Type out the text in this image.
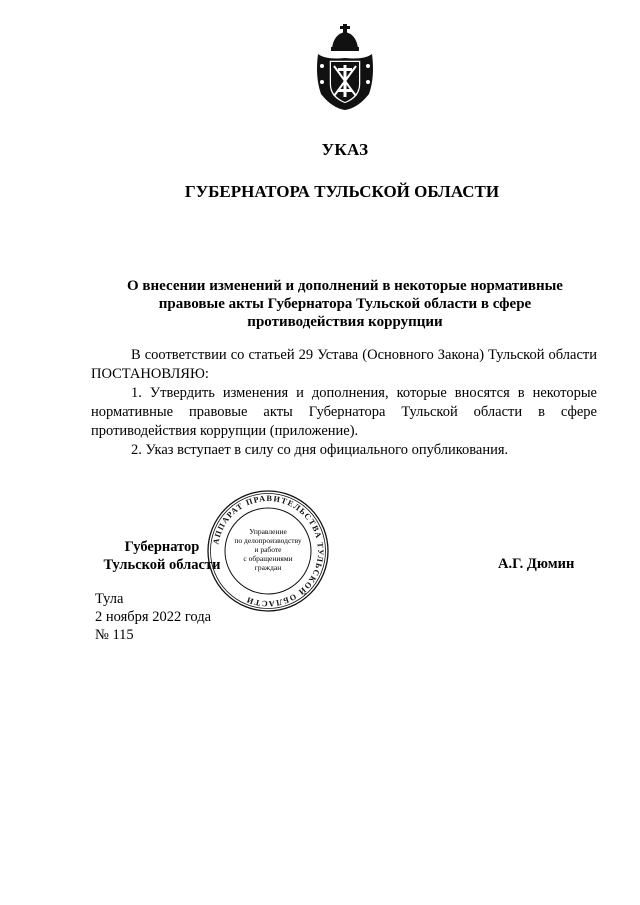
УКАЗ
ГУБЕРНАТОРА ТУЛЬСКОЙ ОБЛАСТИ
О внесении изменений и дополнений в некоторые нормативные
правовые акты Губернатора Тульской области в сфере
противодействия коррупции

В соответствии со статьей 29 Устава (Основного Закона) Тульской области ПОСТАНОВЛЯЮ:

1. Утвердить изменения и дополнения, которые вносятся в некоторые нормативные правовые акты Губернатора Тульской области в сфере противодействия коррупции (приложение).

2. Указ вступает в силу со дня официального опубликования.

Губернатор
Тульской области
АППАРАТ ПРАВИТЕЛЬСТВА ТУЛЬСКОЙ ОБЛАСТИ
Управление
по делопроизводству
и работе
с обращениями
граждан	А.Г. Дюмин
Тула
2 ноября 2022 года
№ 115
